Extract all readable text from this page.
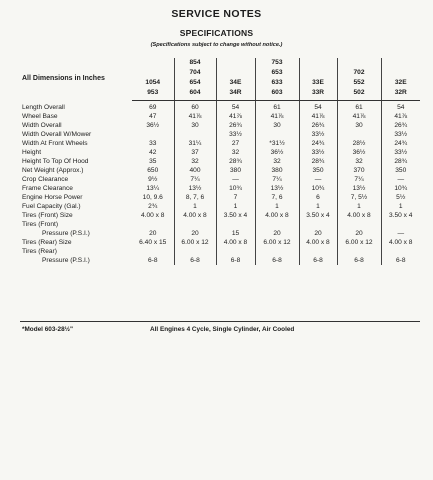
SERVICE NOTES
SPECIFICATIONS
(Specifications subject to change without notice.)
All Dimensions in Inches		854		753			
		704		653		702	
	1054	654	34E	633	33E	552	32E
	953	604	34R	603	33R	502	32R
Length Overall	69	60	54	61	54	61	54
Wheel Base	47	41⅞	41⅞	41⅞	41⅞	41⅞	41⅞
Width Overall	36½	30	26¾	30	26¾	30	26¾
Width Overall W/Mower			33½		33½		33½
Width At Front Wheels	33	31¼	27	*31½	24¾	28½	24¾
Height	42	37	32	36½	33½	36½	33½
Height To Top Of Hood	35	32	28¾	32	28¾	32	28¾
Net Weight (Approx.)	650	400	380	380	350	370	350
Crop Clearance	9½	7¼	—	7¼	—	7¼	—
Frame Clearance	13¼	13½	10¾	13½	10¾	13½	10¾
Engine Horse Power	10, 9.6	8, 7, 6	7	7, 6	6	7, 5½	5½
Fuel Capacity (Gal.)	2¾	1	1	1	1	1	1
Tires (Front) Size	4.00 x 8	4.00 x 8	3.50 x 4	4.00 x 8	3.50 x 4	4.00 x 8	3.50 x 4
Tires (Front)							
Pressure (P.S.I.)	20	20	15	20	20	20	—
Tires (Rear) Size	6.40 x 15	6.00 x 12	4.00 x 8	6.00 x 12	4.00 x 8	6.00 x 12	4.00 x 8
Tires (Rear)							
Pressure (P.S.I.)	6-8	6-8	6-8	6-8	6-8	6-8	6-8
*Model 603-28½"	All Engines 4 Cycle, Single Cylinder, Air Cooled
